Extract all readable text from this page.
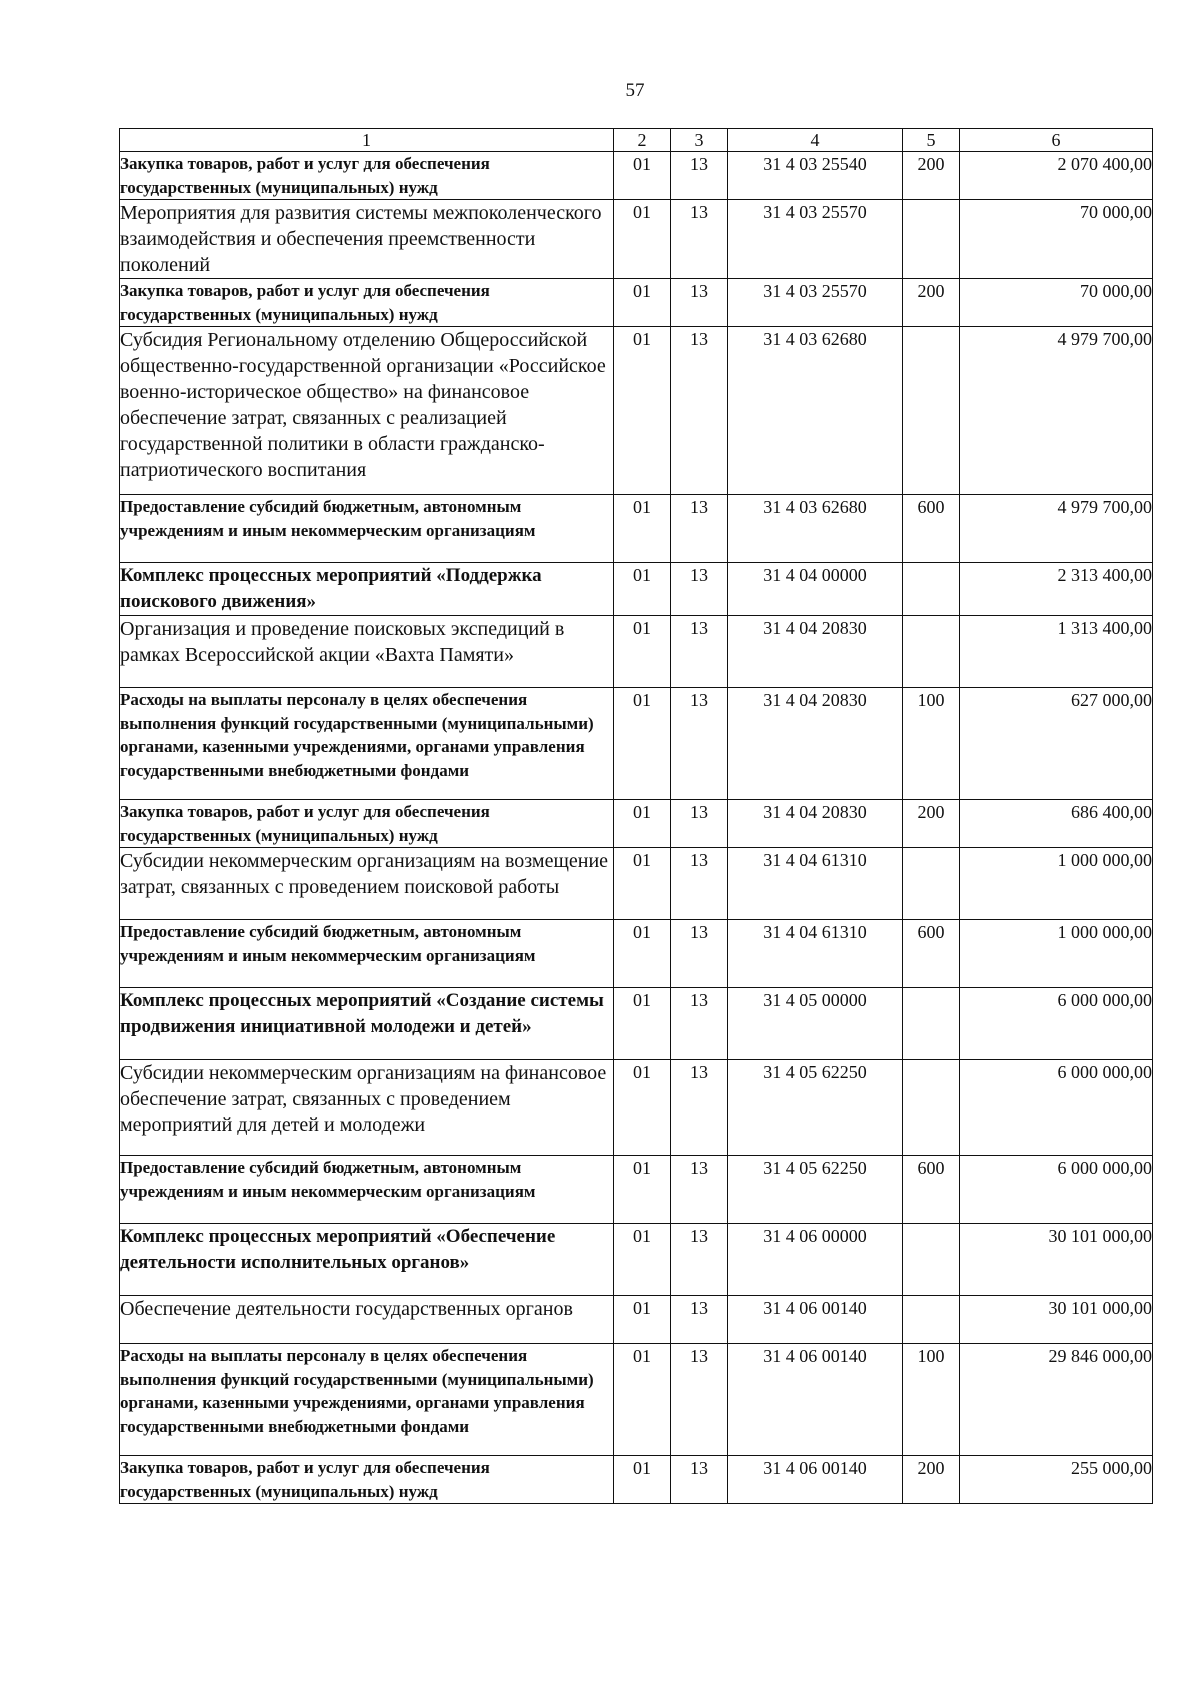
57
1	2	3	4	5	6
Закупка товаров, работ и услуг для обеспечения государственных (муниципальных) нужд	01	13	31 4 03 25540	200	2 070 400,00
Мероприятия для развития системы межпоколенческого взаимодействия и обеспечения преемственности поколений	01	13	31 4 03 25570		70 000,00
Закупка товаров, работ и услуг для обеспечения государственных (муниципальных) нужд	01	13	31 4 03 25570	200	70 000,00
Субсидия Региональному отделению Общероссийской общественно-государственной организации «Российское военно-историческое общество» на финансовое обеспечение затрат, связанных с реализацией государственной политики в области гражданско-патриотического воспитания	01	13	31 4 03 62680		4 979 700,00
Предоставление субсидий бюджетным, автономным учреждениям и иным некоммерческим организациям	01	13	31 4 03 62680	600	4 979 700,00
Комплекс процессных мероприятий «Поддержка поискового движения»	01	13	31 4 04 00000		2 313 400,00
Организация и проведение поисковых экспедиций в рамках Всероссийской акции «Вахта Памяти»	01	13	31 4 04 20830		1 313 400,00
Расходы на выплаты персоналу в целях обеспечения выполнения функций государственными (муниципальными) органами, казенными учреждениями, органами управления государственными внебюджетными фондами	01	13	31 4 04 20830	100	627 000,00
Закупка товаров, работ и услуг для обеспечения государственных (муниципальных) нужд	01	13	31 4 04 20830	200	686 400,00
Субсидии некоммерческим организациям на возмещение затрат, связанных с проведением поисковой работы	01	13	31 4 04 61310		1 000 000,00
Предоставление субсидий бюджетным, автономным учреждениям и иным некоммерческим организациям	01	13	31 4 04 61310	600	1 000 000,00
Комплекс процессных мероприятий «Создание системы продвижения инициативной молодежи и детей»	01	13	31 4 05 00000		6 000 000,00
Субсидии некоммерческим организациям на финансовое обеспечение затрат, связанных с проведением мероприятий для детей и молодежи	01	13	31 4 05 62250		6 000 000,00
Предоставление субсидий бюджетным, автономным учреждениям и иным некоммерческим организациям	01	13	31 4 05 62250	600	6 000 000,00
Комплекс процессных мероприятий «Обеспечение деятельности исполнительных органов»	01	13	31 4 06 00000		30 101 000,00
Обеспечение деятельности государственных органов	01	13	31 4 06 00140		30 101 000,00
Расходы на выплаты персоналу в целях обеспечения выполнения функций государственными (муниципальными) органами, казенными учреждениями, органами управления государственными внебюджетными фондами	01	13	31 4 06 00140	100	29 846 000,00
Закупка товаров, работ и услуг для обеспечения государственных (муниципальных) нужд	01	13	31 4 06 00140	200	255 000,00
